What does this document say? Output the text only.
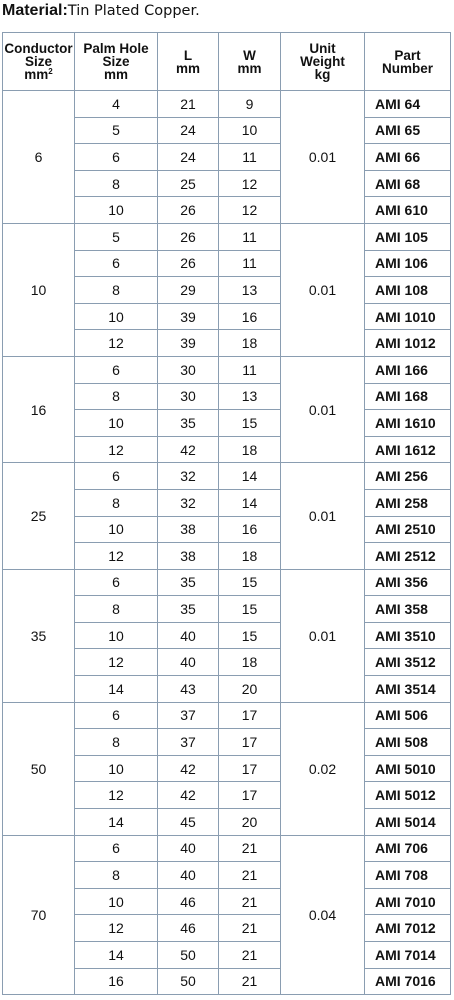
Material:Tin Plated Copper.
Conductor
Size
$mm^2$	Palm Hole
Size
mm	L
mm	W
mm	Unit
Weight
kg	Part
Number
6	4	21	9	0.01	AMI 64
	5	24	10		AMI 65
	6	24	11		AMI 66
	8	25	12		AMI 68
	10	26	12		AMI 610
10	5	26	11	0.01	AMI 105
	6	26	11		AMI 106
	8	29	13		AMI 108
	10	39	16		AMI 1010
	12	39	18		AMI 1012
16	6	30	11	0.01	AMI 166
	8	30	13		AMI 168
	10	35	15		AMI 1610
	12	42	18		AMI 1612
25	6	32	14	0.01	AMI 256
	8	32	14		AMI 258
	10	38	16		AMI 2510
	12	38	18		AMI 2512
35	6	35	15	0.01	AMI 356
	8	35	15		AMI 358
	10	40	15		AMI 3510
	12	40	18		AMI 3512
	14	43	20		AMI 3514
50	6	37	17	0.02	AMI 506
	8	37	17		AMI 508
	10	42	17		AMI 5010
	12	42	17		AMI 5012
	14	45	20		AMI 5014
70	6	40	21	0.04	AMI 706
	8	40	21		AMI 708
	10	46	21		AMI 7010
	12	46	21		AMI 7012
	14	50	21		AMI 7014
	16	50	21		AMI 7016
